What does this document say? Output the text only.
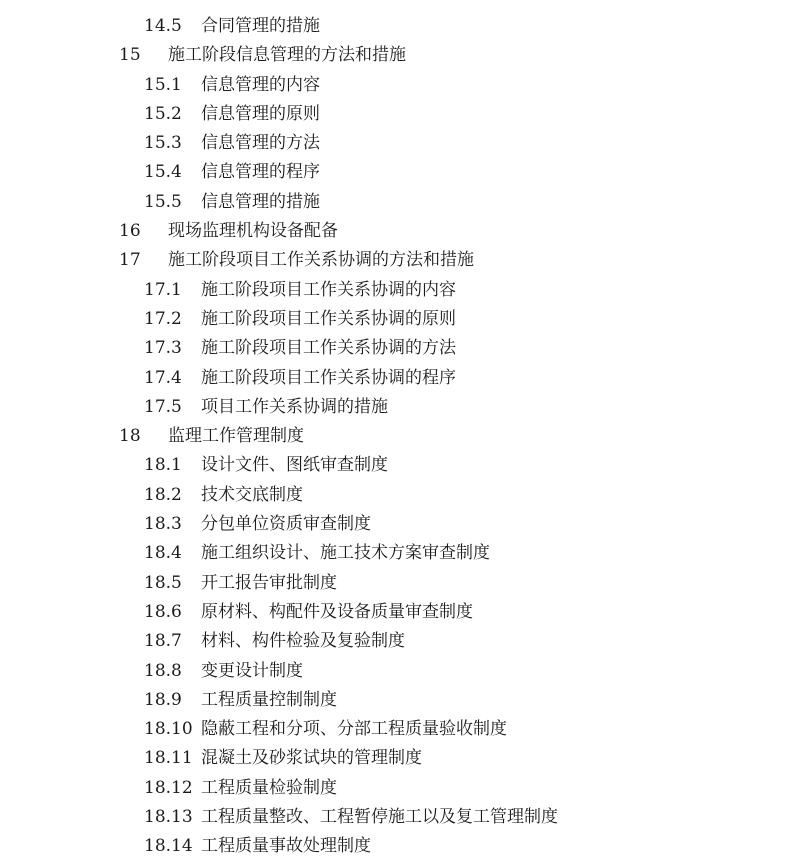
14.5 合同管理的措施
15 施工阶段信息管理的方法和措施
15.1 信息管理的内容
15.2 信息管理的原则
15.3 信息管理的方法
15.4 信息管理的程序
15.5 信息管理的措施
16 现场监理机构设备配备
17 施工阶段项目工作关系协调的方法和措施
17.1 施工阶段项目工作关系协调的内容
17.2 施工阶段项目工作关系协调的原则
17.3 施工阶段项目工作关系协调的方法
17.4 施工阶段项目工作关系协调的程序
17.5 项目工作关系协调的措施
18 监理工作管理制度
18.1 设计文件、图纸审查制度
18.2 技术交底制度
18.3 分包单位资质审查制度
18.4 施工组织设计、施工技术方案审查制度
18.5 开工报告审批制度
18.6 原材料、构配件及设备质量审查制度
18.7 材料、构件检验及复验制度
18.8 变更设计制度
18.9 工程质量控制制度
18.10 隐蔽工程和分项、分部工程质量验收制度
18.11 混凝土及砂浆试块的管理制度
18.12 工程质量检验制度
18.13 工程质量整改、工程暂停施工以及复工管理制度
18.14 工程质量事故处理制度
